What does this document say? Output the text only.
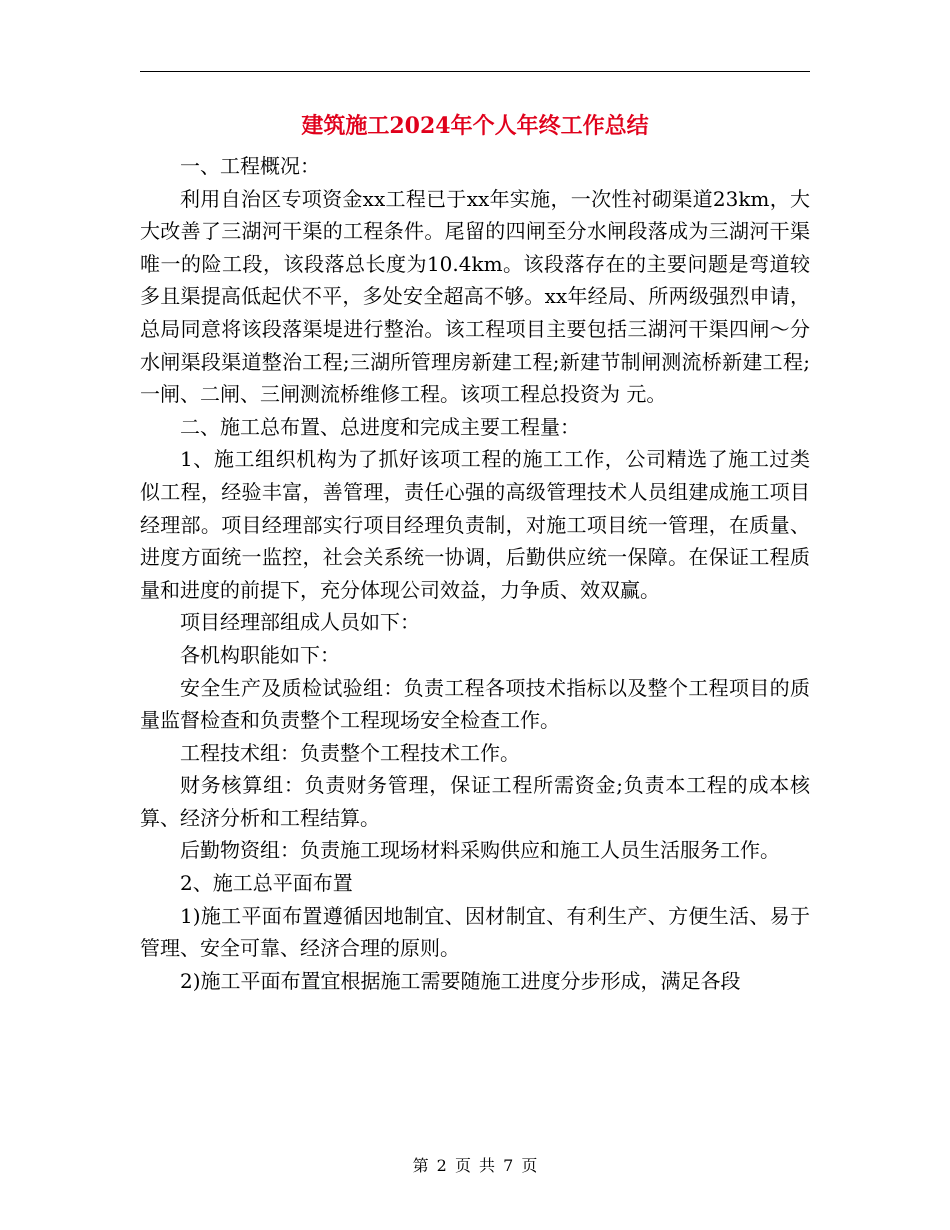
建筑施工2024年个人年终工作总结

一、工程概况：

利用自治区专项资金xx工程已于xx年实施，一次性衬砌渠道23km，大大改善了三湖河干渠的工程条件。尾留的四闸至分水闸段落成为三湖河干渠唯一的险工段，该段落总长度为10.4km。该段落存在的主要问题是弯道较多且渠提高低起伏不平，多处安全超高不够。xx年经局、所两级强烈申请，总局同意将该段落渠堤进行整治。该工程项目主要包括三湖河干渠四闸～分水闸渠段渠道整治工程;三湖所管理房新建工程;新建节制闸测流桥新建工程;一闸、二闸、三闸测流桥维修工程。该项工程总投资为 元。

二、施工总布置、总进度和完成主要工程量：

1、施工组织机构为了抓好该项工程的施工工作，公司精选了施工过类似工程，经验丰富，善管理，责任心强的高级管理技术人员组建成施工项目经理部。项目经理部实行项目经理负责制，对施工项目统一管理，在质量、进度方面统一监控，社会关系统一协调，后勤供应统一保障。在保证工程质量和进度的前提下，充分体现公司效益，力争质、效双赢。

项目经理部组成人员如下：

各机构职能如下：

安全生产及质检试验组：负责工程各项技术指标以及整个工程项目的质量监督检查和负责整个工程现场安全检查工作。

工程技术组：负责整个工程技术工作。

财务核算组：负责财务管理，保证工程所需资金;负责本工程的成本核算、经济分析和工程结算。

后勤物资组：负责施工现场材料采购供应和施工人员生活服务工作。

2、施工总平面布置

1)施工平面布置遵循因地制宜、因材制宜、有利生产、方便生活、易于管理、安全可靠、经济合理的原则。

2)施工平面布置宜根据施工需要随施工进度分步形成，满足各段

第 2 页 共 7 页
